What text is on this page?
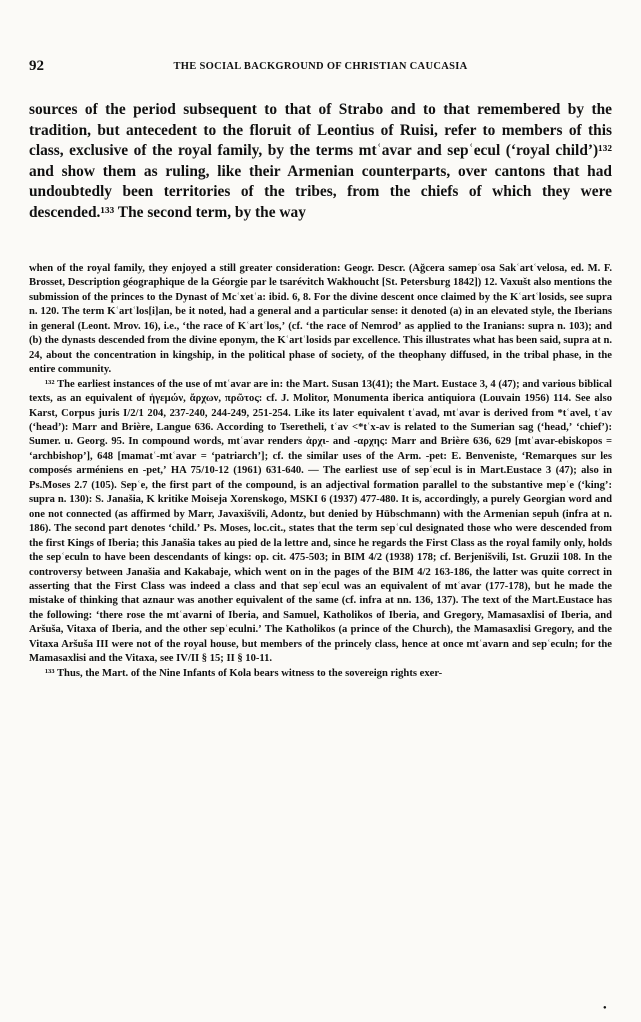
92	THE SOCIAL BACKGROUND OF CHRISTIAN CAUCASIA

sources of the period subsequent to that of Strabo and to that remembered by the tradition, but antecedent to the floruit of Leontius of Ruisi, refer to members of this class, exclusive of the royal family, by the terms mtʿavar and sepʿecul (ʻroyal childʼ)¹³² and show them as ruling, like their Armenian counterparts, over cantons that had undoubtedly been territories of the tribes, from the chiefs of which they were descended.¹³³ The second term, by the way

when of the royal family, they enjoyed a still greater consideration: Geogr. Descr. (Ağcera samepʿosa Sakʿartʿvelosa, ed. M. F. Brosset, Description géographique de la Géorgie par le tsarévitch Wakhoucht [St. Petersburg 1842]) 12. Vaxušt also mentions the submission of the princes to the Dynast of Mcʿxetʿa: ibid. 6, 8. For the divine descent once claimed by the Kʿartʿlosids, see supra n. 120. The term Kʿartʿlos[i]an, be it noted, had a general and a particular sense: it denoted (a) in an elevated style, the Iberians in general (Leont. Mrov. 16), i.e., ʻthe race of Kʿartʿlos,ʼ (cf. ʻthe race of Nemrodʼ as applied to the Iranians: supra n. 103); and (b) the dynasts descended from the divine eponym, the Kʿartʿlosids par excellence. This illustrates what has been said, supra at n. 24, about the concentration in kingship, in the political phase of society, of the theophany diffused, in the tribal phase, in the entire community.

¹³² The earliest instances of the use of mtʿavar are in: the Mart. Susan 13(41); the Mart. Eustace 3, 4 (47); and various biblical texts, as an equivalent of ἡγεμών, ἄρχων, πρῶτος: cf. J. Molitor, Monumenta iberica antiquiora (Louvain 1956) 114. See also Karst, Corpus juris I/2/1 204, 237-240, 244-249, 251-254. Like its later equivalent tʿavad, mtʿavar is derived from *tʿavel, tʿav (ʻheadʼ): Marr and Brière, Langue 636. According to Tseretheli, tʿav <*tʿx-av is related to the Sumerian sag (ʻhead,ʼ ʻchiefʼ): Sumer. u. Georg. 95. In compound words, mtʿavar renders ἀρχι- and -αρχης: Marr and Brière 636, 629 [mtʿavar-ebiskopos = ʻarchbishopʼ], 648 [mamatʿ-mtʿavar = ʻpatriarchʼ]; cf. the similar uses of the Arm. -pet: E. Benveniste, ʻRemarques sur les composés arméniens en -pet,ʼ HA 75/10-12 (1961) 631-640. — The earliest use of sepʿecul is in Mart.Eustace 3 (47); also in Ps.Moses 2.7 (105). Sepʿe, the first part of the compound, is an adjectival formation parallel to the substantive mepʿe (ʻkingʼ: supra n. 130): S. Janašia, K kritike Moiseja Xorenskogo, MSKI 6 (1937) 477-480. It is, accordingly, a purely Georgian word and one not connected (as affirmed by Marr, Javaxišvili, Adontz, but denied by Hübschmann) with the Armenian sepuh (infra at n. 186). The second part denotes ʻchild.ʼ Ps. Moses, loc.cit., states that the term sepʿcul designated those who were descended from the first Kings of Iberia; this Janašia takes au pied de la lettre and, since he regards the First Class as the royal family only, holds the sepʿeculn to have been descendants of kings: op. cit. 475-503; in BIM 4/2 (1938) 178; cf. Berjenišvili, Ist. Gruzii 108. In the controversy between Janašia and Kakabaje, which went on in the pages of the BIM 4/2 163-186, the latter was quite correct in asserting that the First Class was indeed a class and that sepʿecul was an equivalent of mtʿavar (177-178), but he made the mistake of thinking that aznaur was another equivalent of the same (cf. infra at nn. 136, 137). The text of the Mart.Eustace has the following: ʻthere rose the mtʿavarni of Iberia, and Samuel, Katholikos of Iberia, and Gregory, Mamasaxlisi of Iberia, and Aršuša, Vitaxa of Iberia, and the other sepʿeculni.ʼ The Katholikos (a prince of the Church), the Mamasaxlisi Gregory, and the Vitaxa Aršuša III were not of the royal house, but members of the princely class, hence at once mtʿavarn and sepʿeculn; for the Mamasaxlisi and the Vitaxa, see IV/II § 15; II § 10-11.

¹³³ Thus, the Mart. of the Nine Infants of Kola bears witness to the sovereign rights exer-

●
